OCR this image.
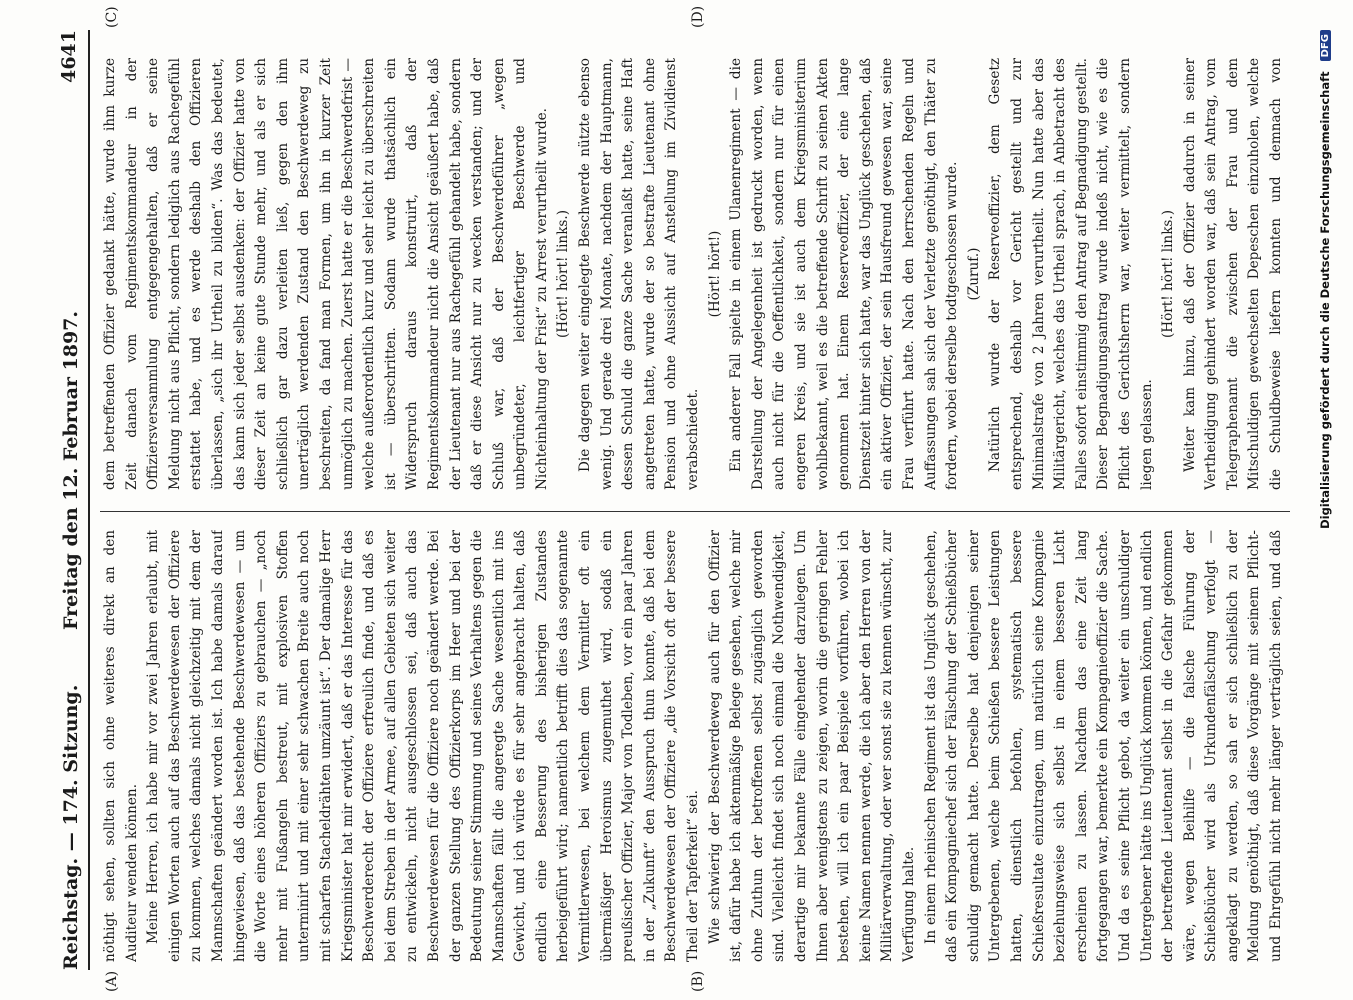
Reichstag. — 174. Sitzung.
Freitag den 12. Februar 1897.
4641
(A)	(B)
(C)	(D)

nöthigt sehen, sollten sich ohne weiteres direkt an den Auditeur wenden können. Meine Herren, ich habe mir vor zwei Jahren erlaubt, mit einigen Worten auch auf das Beschwerdewesen der Offiziere zu kommen, welches damals nicht gleichzeitig mit dem der Mannschaften geändert worden ist. Ich habe damals darauf hingewiesen, daß das bestehende Beschwerdewesen — um die Worte eines höheren Offiziers zu gebrauchen — „noch mehr mit Fußangeln bestreut, mit explosiven Stoffen unterminirt und mit einer sehr schwachen Breite auch noch mit scharfen Stacheldrähten umzäunt ist“. Der damalige Herr Kriegsminister hat mir erwidert, daß er das Interesse für das Beschwerderecht der Offiziere erfreulich finde, und daß es bei dem Streben in der Armee, auf allen Gebieten sich weiter zu entwickeln, nicht ausgeschlossen sei, daß auch das Beschwerdewesen für die Offiziere noch geändert werde. Bei der ganzen Stellung des Offizierkorps im Heer und bei der Bedeutung seiner Stimmung und seines Verhaltens gegen die Mannschaften fällt die angeregte Sache wesentlich mit ins Gewicht, und ich würde es für sehr angebracht halten, daß endlich eine Besserung des bisherigen Zustandes herbeigeführt wird; namentlich betrifft dies das sogenannte Vermittlerwesen, bei welchem dem Vermittler oft ein übermäßiger Heroismus zugemuthet wird, sodaß ein preußischer Offizier, Major von Todleben, vor ein paar Jahren in der „Zukunft“ den Ausspruch thun konnte, daß bei dem Beschwerdewesen der Offiziere „die Vorsicht oft der bessere Theil der Tapferkeit“ sei. Wie schwierig der Beschwerdeweg auch für den Offizier ist, dafür habe ich aktenmäßige Belege gesehen, welche mir ohne Zuthun der betroffenen selbst zugänglich geworden sind. Vielleicht findet sich noch einmal die Nothwendigkeit, derartige mir bekannte Fälle eingehender darzulegen. Um Ihnen aber wenigstens zu zeigen, worin die geringen Fehler bestehen, will ich ein paar Beispiele vorführen, wobei ich keine Namen nennen werde, die ich aber den Herren von der Militärverwaltung, oder wer sonst sie zu kennen wünscht, zur Verfügung halte. In einem rheinischen Regiment ist das Unglück geschehen, daß ein Kompagniechef sich der Fälschung der Schießbücher schuldig gemacht hatte. Derselbe hat denjenigen seiner Untergebenen, welche beim Schießen bessere Leistungen hatten, dienstlich befohlen, systematisch bessere Schießresultate einzutragen, um natürlich seine Kompagnie beziehungsweise sich selbst in einem besseren Licht erscheinen zu lassen. Nachdem das eine Zeit lang fortgegangen war, bemerkte ein Kompagnieoffizier die Sache. Und da es seine Pflicht gebot, da weiter ein unschuldiger Untergebener hätte ins Unglück kommen können, und endlich der betreffende Lieutenant selbst in die Gefahr gekommen wäre, wegen Beihilfe — die falsche Führung der Schießbücher wird als Urkundenfälschung verfolgt — angeklagt zu werden, so sah er sich schließlich zu der Meldung genöthigt, daß diese Vorgänge mit seinem Pflicht- und Ehrgefühl nicht mehr länger verträglich seien, und daß

dem betreffenden Offizier gedankt hätte, wurde ihm kurze Zeit danach vom Regimentskommandeur in der Offiziersversammlung entgegengehalten, daß er seine Meldung nicht aus Pflicht, sondern lediglich aus Rachegefühl erstattet habe, und es werde deshalb den Offizieren überlassen, „sich ihr Urtheil zu bilden“. Was das bedeutet, das kann sich jeder selbst ausdenken: der Offizier hatte von dieser Zeit an keine gute Stunde mehr, und als er sich schließlich gar dazu verleiten ließ, gegen den ihm unerträglich werdenden Zustand den Beschwerdeweg zu beschreiten, da fand man Formen, um ihn in kurzer Zeit unmöglich zu machen. Zuerst hatte er die Beschwerdefrist — welche außerordentlich kurz und sehr leicht zu überschreiten ist — überschritten. Sodann wurde thatsächlich ein Widerspruch daraus konstruirt, daß der Regimentskommandeur nicht die Ansicht geäußert habe, daß der Lieutenant nur aus Rachegefühl gehandelt habe, sondern daß er diese Ansicht nur zu wecken verstanden; und der Schluß war, daß der Beschwerdeführer „wegen unbegründeter, leichtfertiger Beschwerde und Nichteinhaltung der Frist“ zu Arrest verurtheilt wurde. (Hört! hört! links.) Die dagegen weiter eingelegte Beschwerde nützte ebenso wenig. Und gerade drei Monate, nachdem der Hauptmann, dessen Schuld die ganze Sache veranlaßt hatte, seine Haft angetreten hatte, wurde der so bestrafte Lieutenant ohne Pension und ohne Aussicht auf Anstellung im Zivildienst verabschiedet.

(Hört! hört!) Ein anderer Fall spielte in einem Ulanenregiment — die Darstellung der Angelegenheit ist gedruckt worden, wenn auch nicht für die Oeffentlichkeit, sondern nur für einen engeren Kreis, und sie ist auch dem Kriegsministerium wohlbekannt, weil es die betreffende Schrift zu seinen Akten genommen hat. Einem Reserveoffizier, der eine lange Dienstzeit hinter sich hatte, war das Unglück geschehen, daß ein aktiver Offizier, der sein Hausfreund gewesen war, seine Frau verführt hatte. Nach den herrschenden Regeln und Auffassungen sah sich der Verletzte genöthigt, den Thäter zu fordern, wobei derselbe todtgeschossen wurde. (Zuruf.) Natürlich wurde der Reserveoffizier, dem Gesetz entsprechend, deshalb vor Gericht gestellt und zur Minimalstrafe von 2 Jahren verurtheilt. Nun hatte aber das Militärgericht, welches das Urtheil sprach, in Anbetracht des Falles sofort einstimmig den Antrag auf Begnadigung gestellt. Dieser Begnadigungsantrag wurde indeß nicht, wie es die Pflicht des Gerichtsherrn war, weiter vermittelt, sondern liegen gelassen.

(Hört! hört! links.)

Weiter kam hinzu, daß der Offizier dadurch in seiner Vertheidigung gehindert worden war, daß sein Antrag, vom Telegraphenamt die zwischen der Frau und dem Mitschuldigen gewechselten Depeschen einzuholen, welche die Schuldbeweise liefern konnten und demnach von

Digitalisierung gefördert durch die Deutsche Forschungsgemeinschaft DFG
